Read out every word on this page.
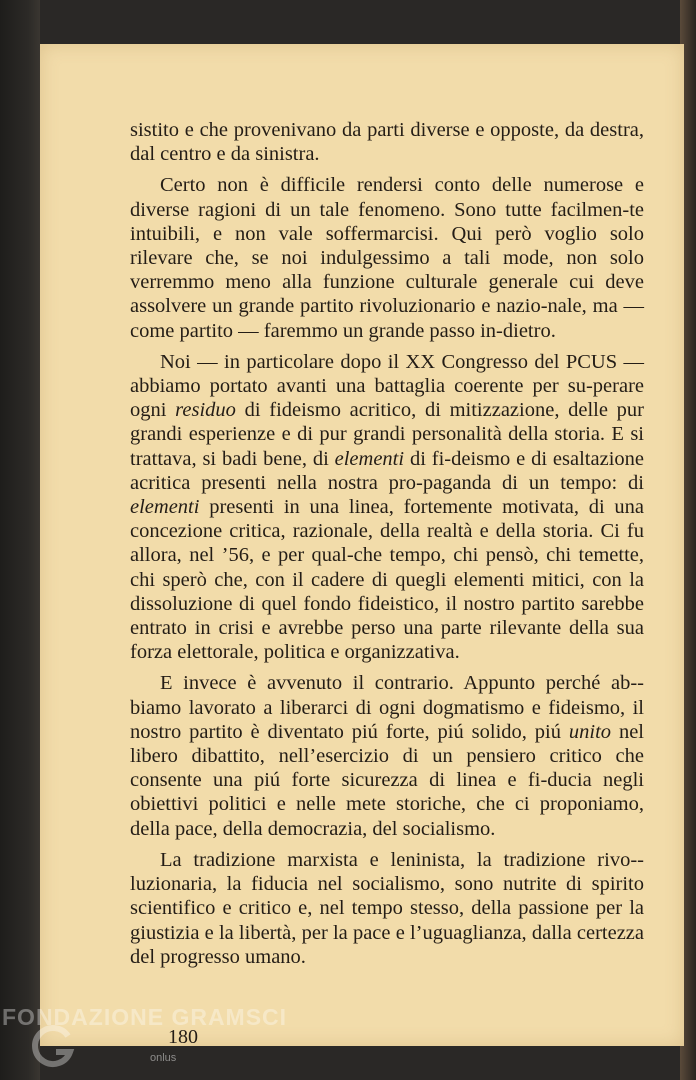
sistito e che provenivano da parti diverse e opposte, da destra, dal centro e da sinistra.

Certo non è difficile rendersi conto delle numerose e diverse ragioni di un tale fenomeno. Sono tutte facilmen-te intuibili, e non vale soffermarcisi. Qui però voglio solo rilevare che, se noi indulgessimo a tali mode, non solo verremmo meno alla funzione culturale generale cui deve assolvere un grande partito rivoluzionario e nazio-nale, ma — come partito — faremmo un grande passo in-dietro.

Noi — in particolare dopo il XX Congresso del PCUS — abbiamo portato avanti una battaglia coerente per su-perare ogni residuo di fideismo acritico, di mitizzazione, delle pur grandi esperienze e di pur grandi personalità della storia. E si trattava, si badi bene, di elementi di fi-deismo e di esaltazione acritica presenti nella nostra pro-paganda di un tempo: di elementi presenti in una linea, fortemente motivata, di una concezione critica, razionale, della realtà e della storia. Ci fu allora, nel ’56, e per qual-che tempo, chi pensò, chi temette, chi sperò che, con il cadere di quegli elementi mitici, con la dissoluzione di quel fondo fideistico, il nostro partito sarebbe entrato in crisi e avrebbe perso una parte rilevante della sua forza elettorale, politica e organizzativa.

E invece è avvenuto il contrario. Appunto perché ab-biamo lavorato a liberarci di ogni dogmatismo e fideismo, il nostro partito è diventato piú forte, piú solido, piú unito nel libero dibattito, nell’esercizio di un pensiero critico che consente una piú forte sicurezza di linea e fi-ducia negli obiettivi politici e nelle mete storiche, che ci proponiamo, della pace, della democrazia, del socialismo.

La tradizione marxista e leninista, la tradizione rivo-luzionaria, la fiducia nel socialismo, sono nutrite di spirito scientifico e critico e, nel tempo stesso, della passione per la giustizia e la libertà, per la pace e l’uguaglianza, dalla certezza del progresso umano.

180
FONDAZIONE GRAMSCI
onlus
